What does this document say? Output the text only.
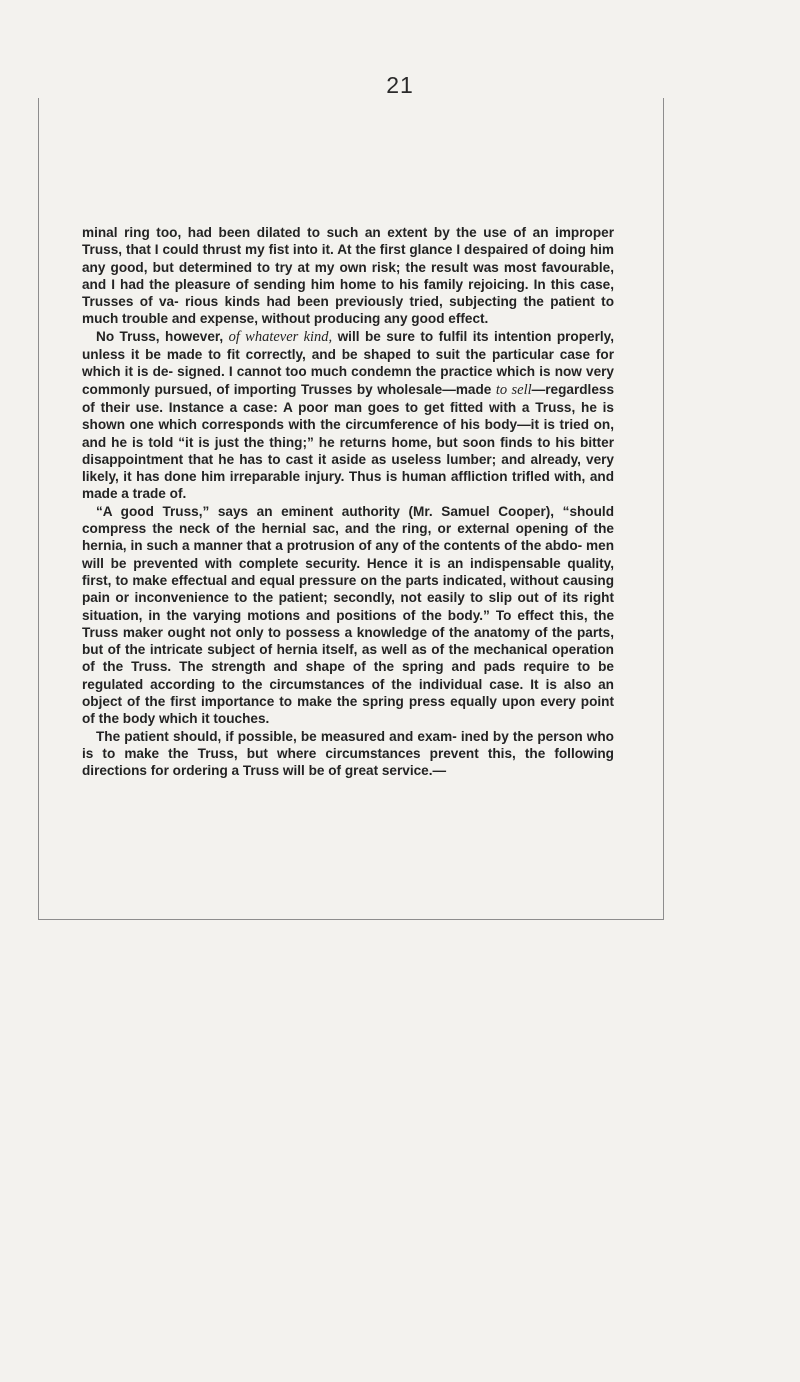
21

minal ring too, had been dilated to such an extent by the use of an improper Truss, that I could thrust my fist into it. At the first glance I despaired of doing him any good, but determined to try at my own risk; the result was most favourable, and I had the pleasure of sending him home to his family rejoicing. In this case, Trusses of va- rious kinds had been previously tried, subjecting the patient to much trouble and expense, without producing any good effect.

No Truss, however, of whatever kind, will be sure to fulfil its intention properly, unless it be made to fit correctly, and be shaped to suit the particular case for which it is de- signed. I cannot too much condemn the practice which is now very commonly pursued, of importing Trusses by wholesale—made to sell—regardless of their use. Instance a case: A poor man goes to get fitted with a Truss, he is shown one which corresponds with the circumference of his body—it is tried on, and he is told “it is just the thing;” he returns home, but soon finds to his bitter disappointment that he has to cast it aside as useless lumber; and already, very likely, it has done him irreparable injury. Thus is human affliction trifled with, and made a trade of.

“A good Truss,” says an eminent authority (Mr. Samuel Cooper), “should compress the neck of the hernial sac, and the ring, or external opening of the hernia, in such a manner that a protrusion of any of the contents of the abdo- men will be prevented with complete security. Hence it is an indispensable quality, first, to make effectual and equal pressure on the parts indicated, without causing pain or inconvenience to the patient; secondly, not easily to slip out of its right situation, in the varying motions and positions of the body.” To effect this, the Truss maker ought not only to possess a knowledge of the anatomy of the parts, but of the intricate subject of hernia itself, as well as of the mechanical operation of the Truss. The strength and shape of the spring and pads require to be regulated according to the circumstances of the individual case. It is also an object of the first importance to make the spring press equally upon every point of the body which it touches.

The patient should, if possible, be measured and exam- ined by the person who is to make the Truss, but where circumstances prevent this, the following directions for ordering a Truss will be of great service.—
